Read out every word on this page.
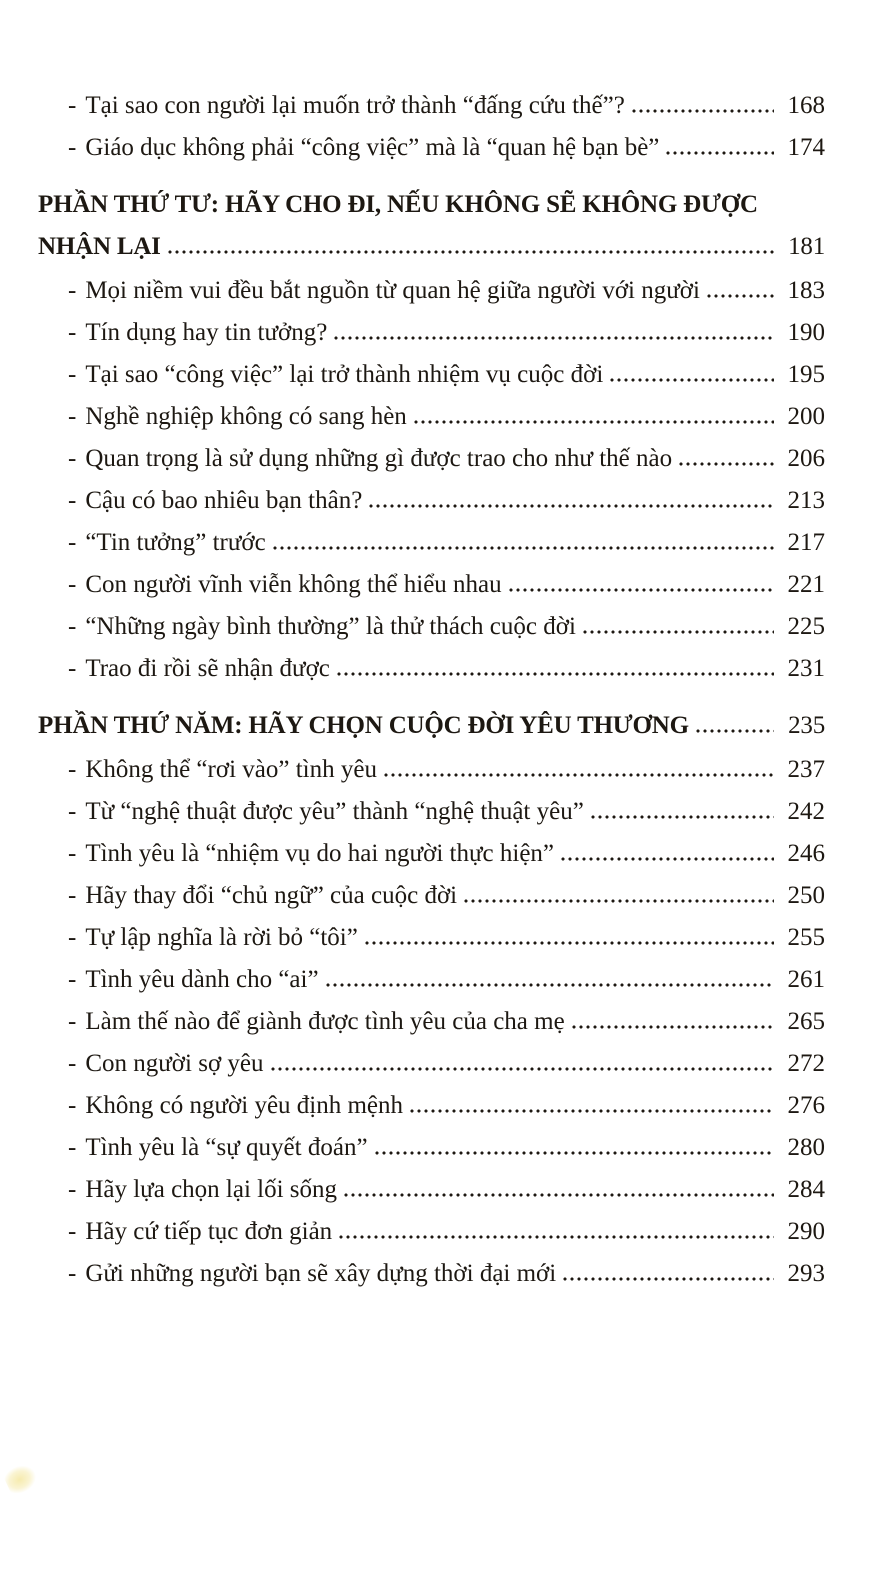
- Tại sao con người lại muốn trở thành “đấng cứu thế”?	168
- Giáo dục không phải “công việc” mà là “quan hệ bạn bè”	174
PHẦN THỨ TƯ: HÃY CHO ĐI, NẾU KHÔNG SẼ KHÔNG ĐƯỢC
NHẬN LẠI	181
- Mọi niềm vui đều bắt nguồn từ quan hệ giữa người với người	183
- Tín dụng hay tin tưởng?	190
- Tại sao “công việc” lại trở thành nhiệm vụ cuộc đời	195
- Nghề nghiệp không có sang hèn	200
- Quan trọng là sử dụng những gì được trao cho như thế nào	206
- Cậu có bao nhiêu bạn thân?	213
- “Tin tưởng” trước	217
- Con người vĩnh viễn không thể hiểu nhau	221
- “Những ngày bình thường” là thử thách cuộc đời	225
- Trao đi rồi sẽ nhận được	231
PHẦN THỨ NĂM: HÃY CHỌN CUỘC ĐỜI YÊU THƯƠNG	235
- Không thể “rơi vào” tình yêu	237
- Từ “nghệ thuật được yêu” thành “nghệ thuật yêu”	242
- Tình yêu là “nhiệm vụ do hai người thực hiện”	246
- Hãy thay đổi “chủ ngữ” của cuộc đời	250
- Tự lập nghĩa là rời bỏ “tôi”	255
- Tình yêu dành cho “ai”	261
- Làm thế nào để giành được tình yêu của cha mẹ	265
- Con người sợ yêu	272
- Không có người yêu định mệnh	276
- Tình yêu là “sự quyết đoán”	280
- Hãy lựa chọn lại lối sống	284
- Hãy cứ tiếp tục đơn giản	290
- Gửi những người bạn sẽ xây dựng thời đại mới	293
